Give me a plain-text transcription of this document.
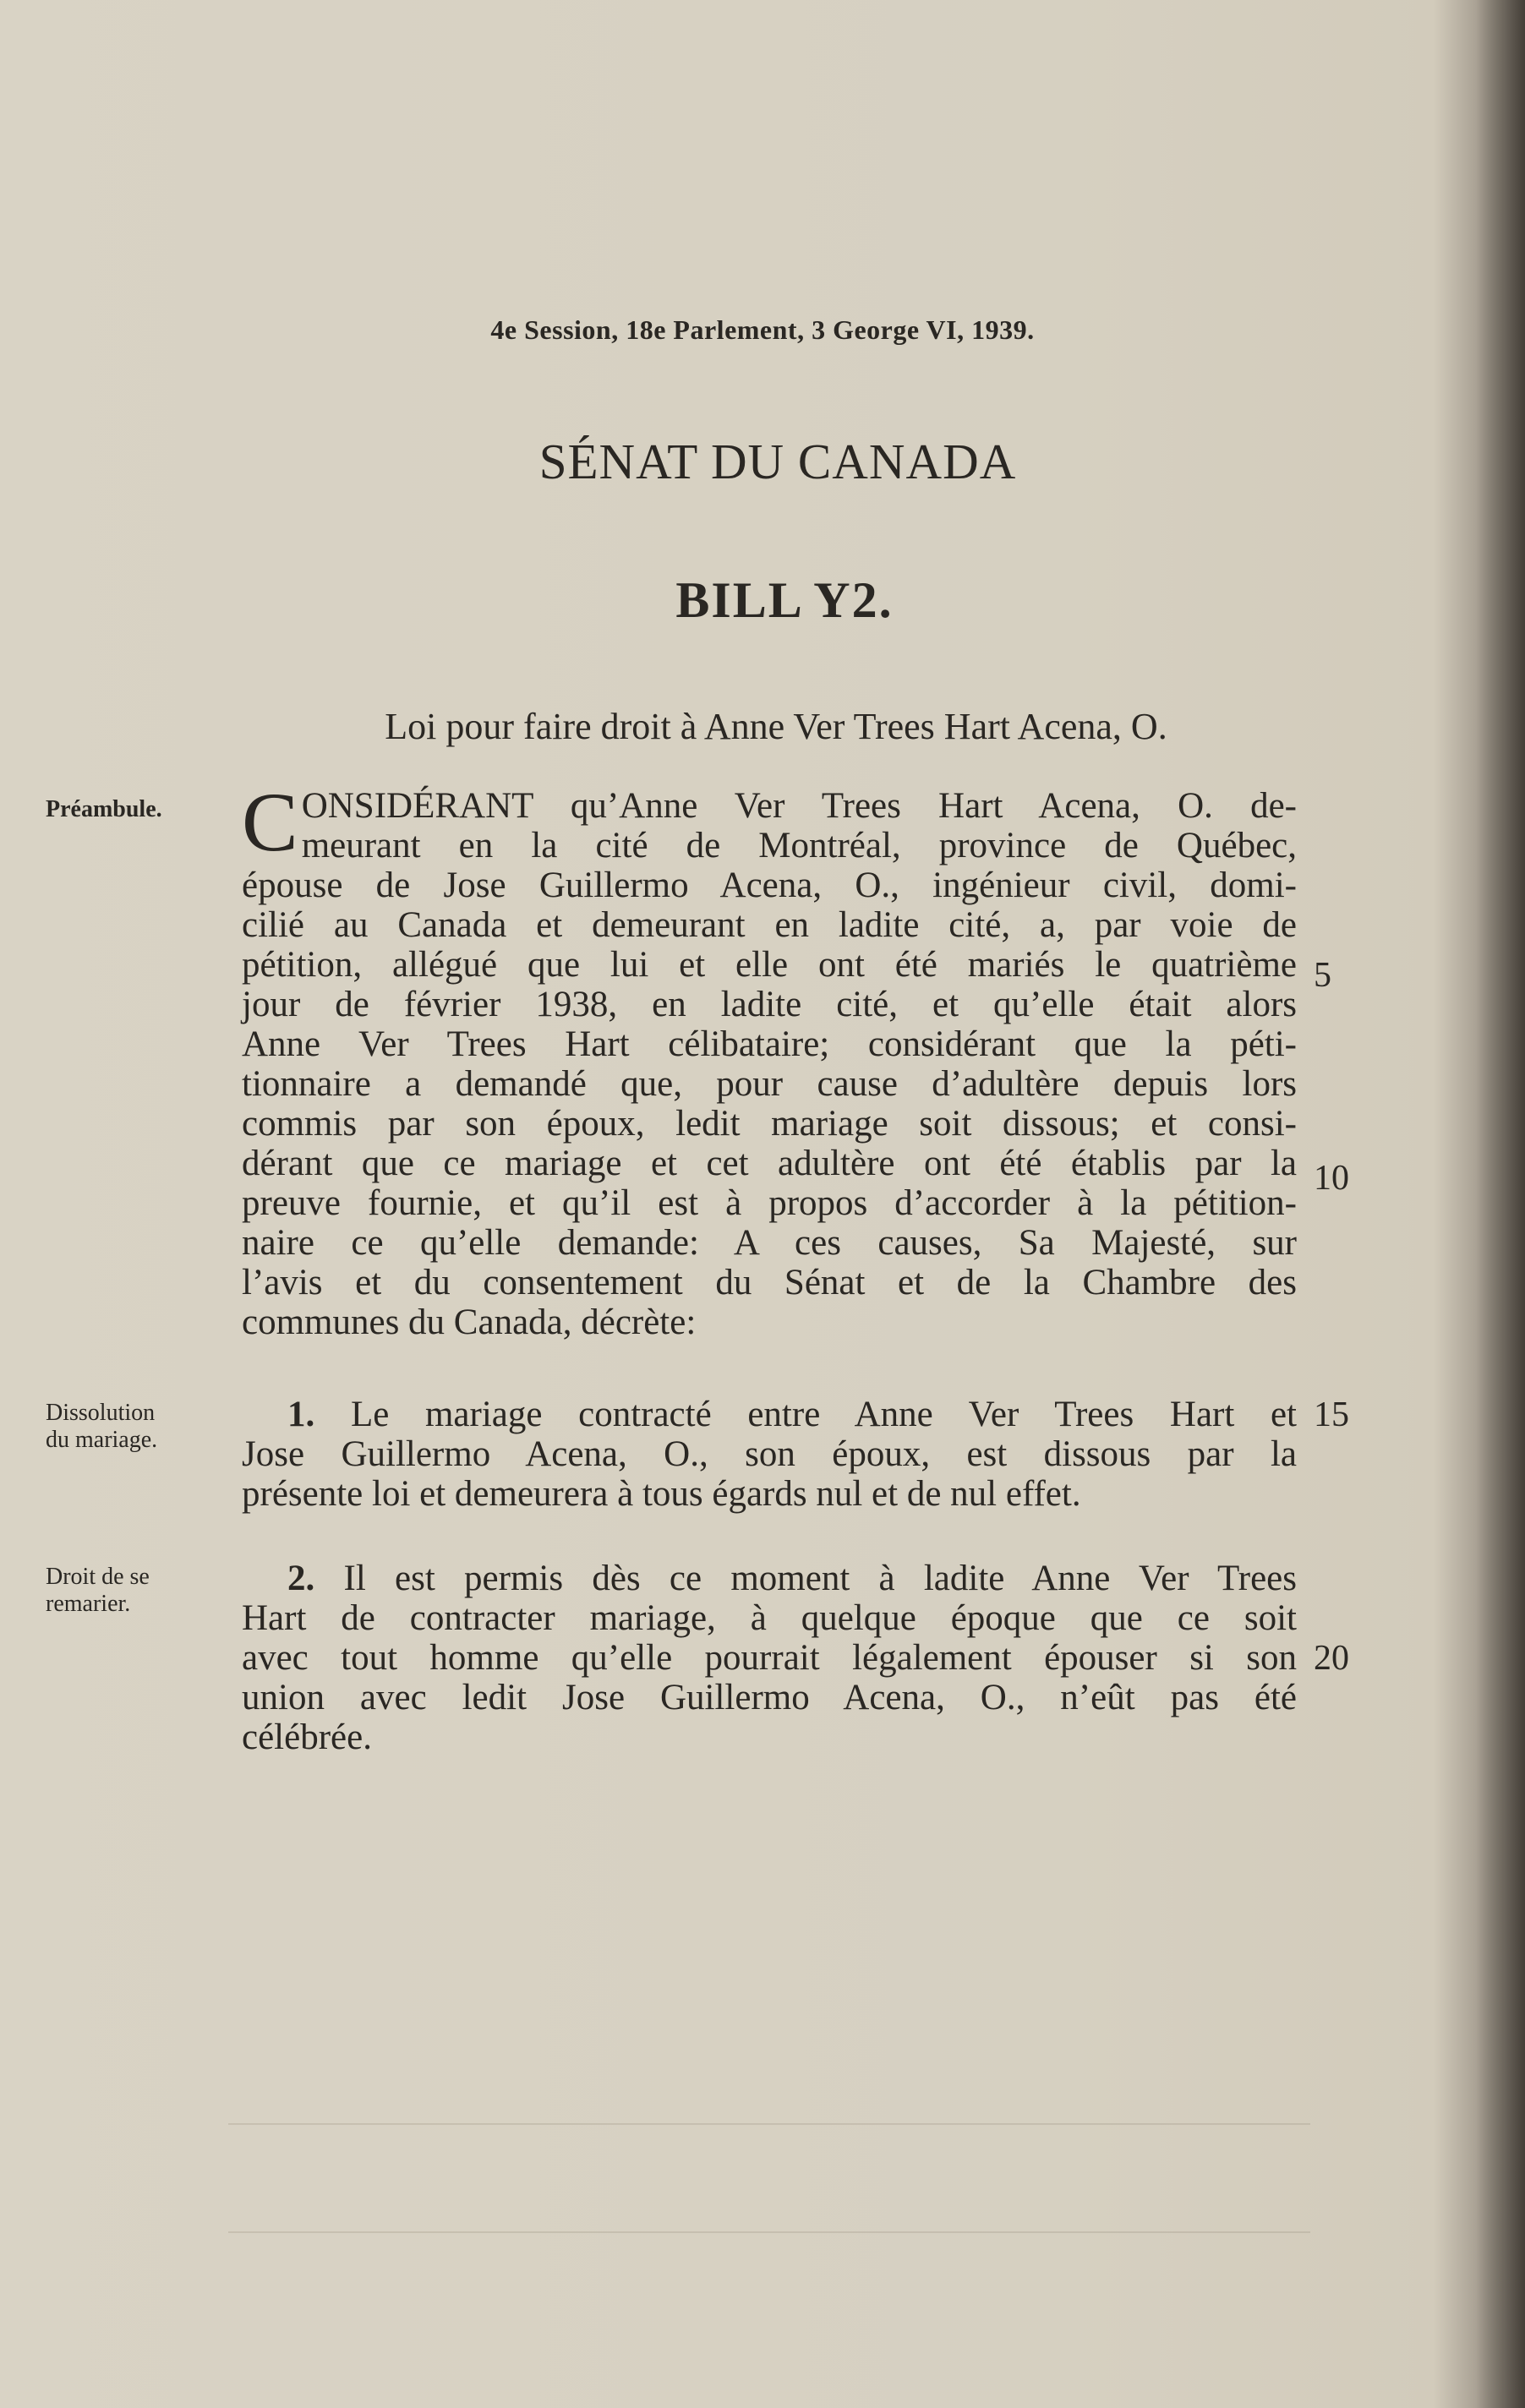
4e Session, 18e Parlement, 3 George VI, 1939.
SÉNAT DU CANADA
BILL Y2.
Loi pour faire droit à Anne Ver Trees Hart Acena, O.
Préambule. C ONSIDÉRANT qu’Anne Ver Trees Hart Acena, O. de-
meurant en la cité de Montréal, province de Québec,
épouse de Jose Guillermo Acena, O., ingénieur civil, domi-
cilié au Canada et demeurant en ladite cité, a, par voie de
pétition, allégué que lui et elle ont été mariés le quatrième
jour de février 1938, en ladite cité, et qu’elle était alors
Anne Ver Trees Hart célibataire; considérant que la péti-
tionnaire a demandé que, pour cause d’adultère depuis lors
commis par son époux, ledit mariage soit dissous; et consi-
dérant que ce mariage et cet adultère ont été établis par la
preuve fournie, et qu’il est à propos d’accorder à la pétition-
naire ce qu’elle demande: A ces causes, Sa Majesté, sur
l’avis et du consentement du Sénat et de la Chambre des
communes du Canada, décrète:
Dissolution
du mariage.
1. Le mariage contracté entre Anne Ver Trees Hart et
Jose Guillermo Acena, O., son époux, est dissous par la
présente loi et demeurera à tous égards nul et de nul effet.
Droit de se
remarier.
2. Il est permis dès ce moment à ladite Anne Ver Trees
Hart de contracter mariage, à quelque époque que ce soit
avec tout homme qu’elle pourrait légalement épouser si son
union avec ledit Jose Guillermo Acena, O., n’eût pas été
célébrée.
5
10
15
20
